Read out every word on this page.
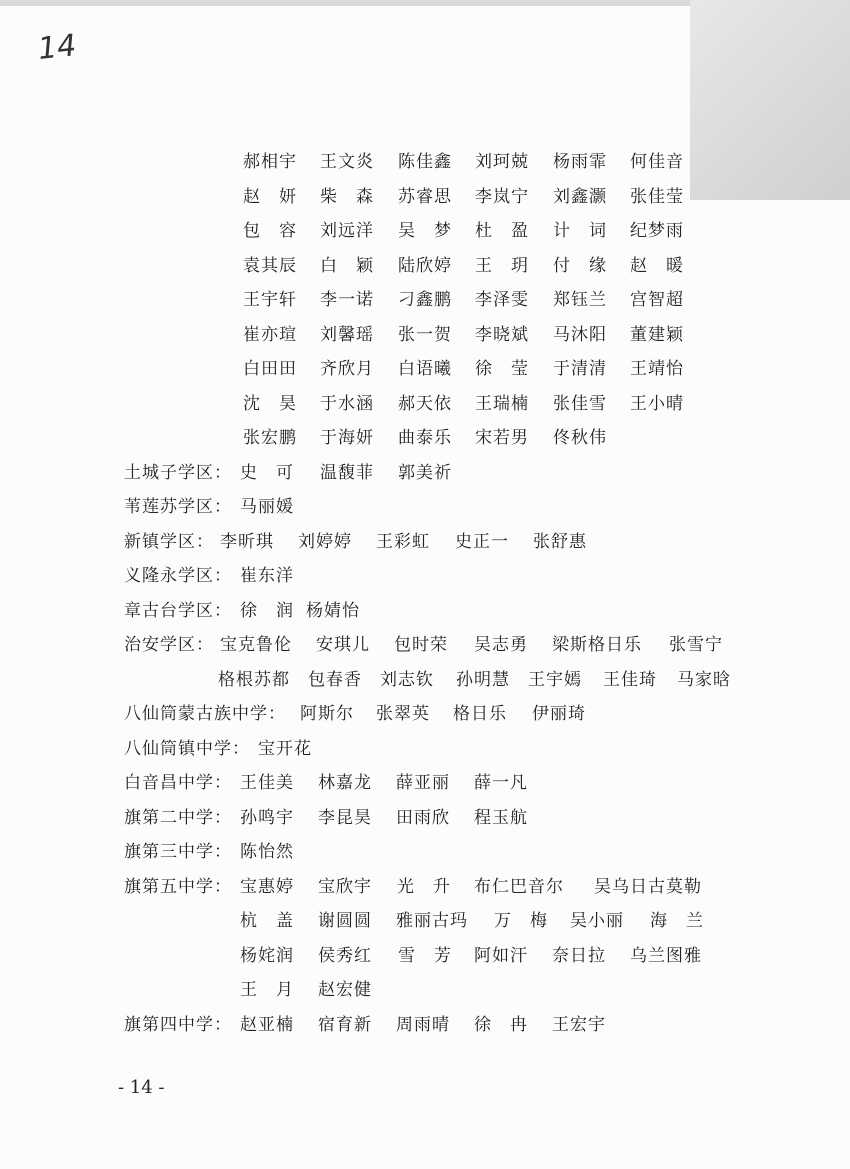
14
郝相宇 王文炎 陈佳鑫 刘珂兢 杨雨霏 何佳音
赵　妍 柴　森 苏睿思 李岚宁 刘鑫灏 张佳莹
包　容 刘远洋 吴　梦 杜　盈 计　词 纪梦雨
袁其辰 白　颖 陆欣婷 王　玥 付　缘 赵　暖
王宇轩 李一诺 刁鑫鹏 李泽雯 郑钰兰 宫智超
崔亦瑄 刘馨瑶 张一贺 李晓斌 马沐阳 董建颖
白田田 齐欣月 白语曦 徐　莹 于清清 王靖怡
沈　昊 于水涵 郝天依 王瑞楠 张佳雪 王小晴
张宏鹏 于海妍 曲泰乐 宋若男 佟秋伟
土城子学区： 史　可 温馥菲 郭美祈
苇莲苏学区： 马丽媛
新镇学区： 李昕琪 刘婷婷 王彩虹 史正一 张舒惠
义隆永学区： 崔东洋
章古台学区： 徐　润 杨婧怡
治安学区： 宝克鲁伦 安琪儿 包时荣 吴志勇 梁斯格日乐 张雪宁
格根苏都 包春香 刘志钦 孙明慧 王宇嫣 王佳琦 马家晗
八仙筒蒙古族中学： 阿斯尔 张翠英 格日乐 伊丽琦
八仙筒镇中学： 宝开花
白音昌中学： 王佳美 林嘉龙 薛亚丽 薛一凡
旗第二中学： 孙鸣宇 李昆昊 田雨欣 程玉航
旗第三中学： 陈怡然
旗第五中学： 宝惠婷 宝欣宇 光　升 布仁巴音尔 吴乌日古莫勒
杭　盖 谢圆圆 雅丽古玛 万　梅 吴小丽 海　兰
杨姹润 侯秀红 雪　芳 阿如汗 奈日拉 乌兰图雅
王　月 赵宏健
旗第四中学： 赵亚楠 宿育新 周雨晴 徐　冉 王宏宇
- 14 -
